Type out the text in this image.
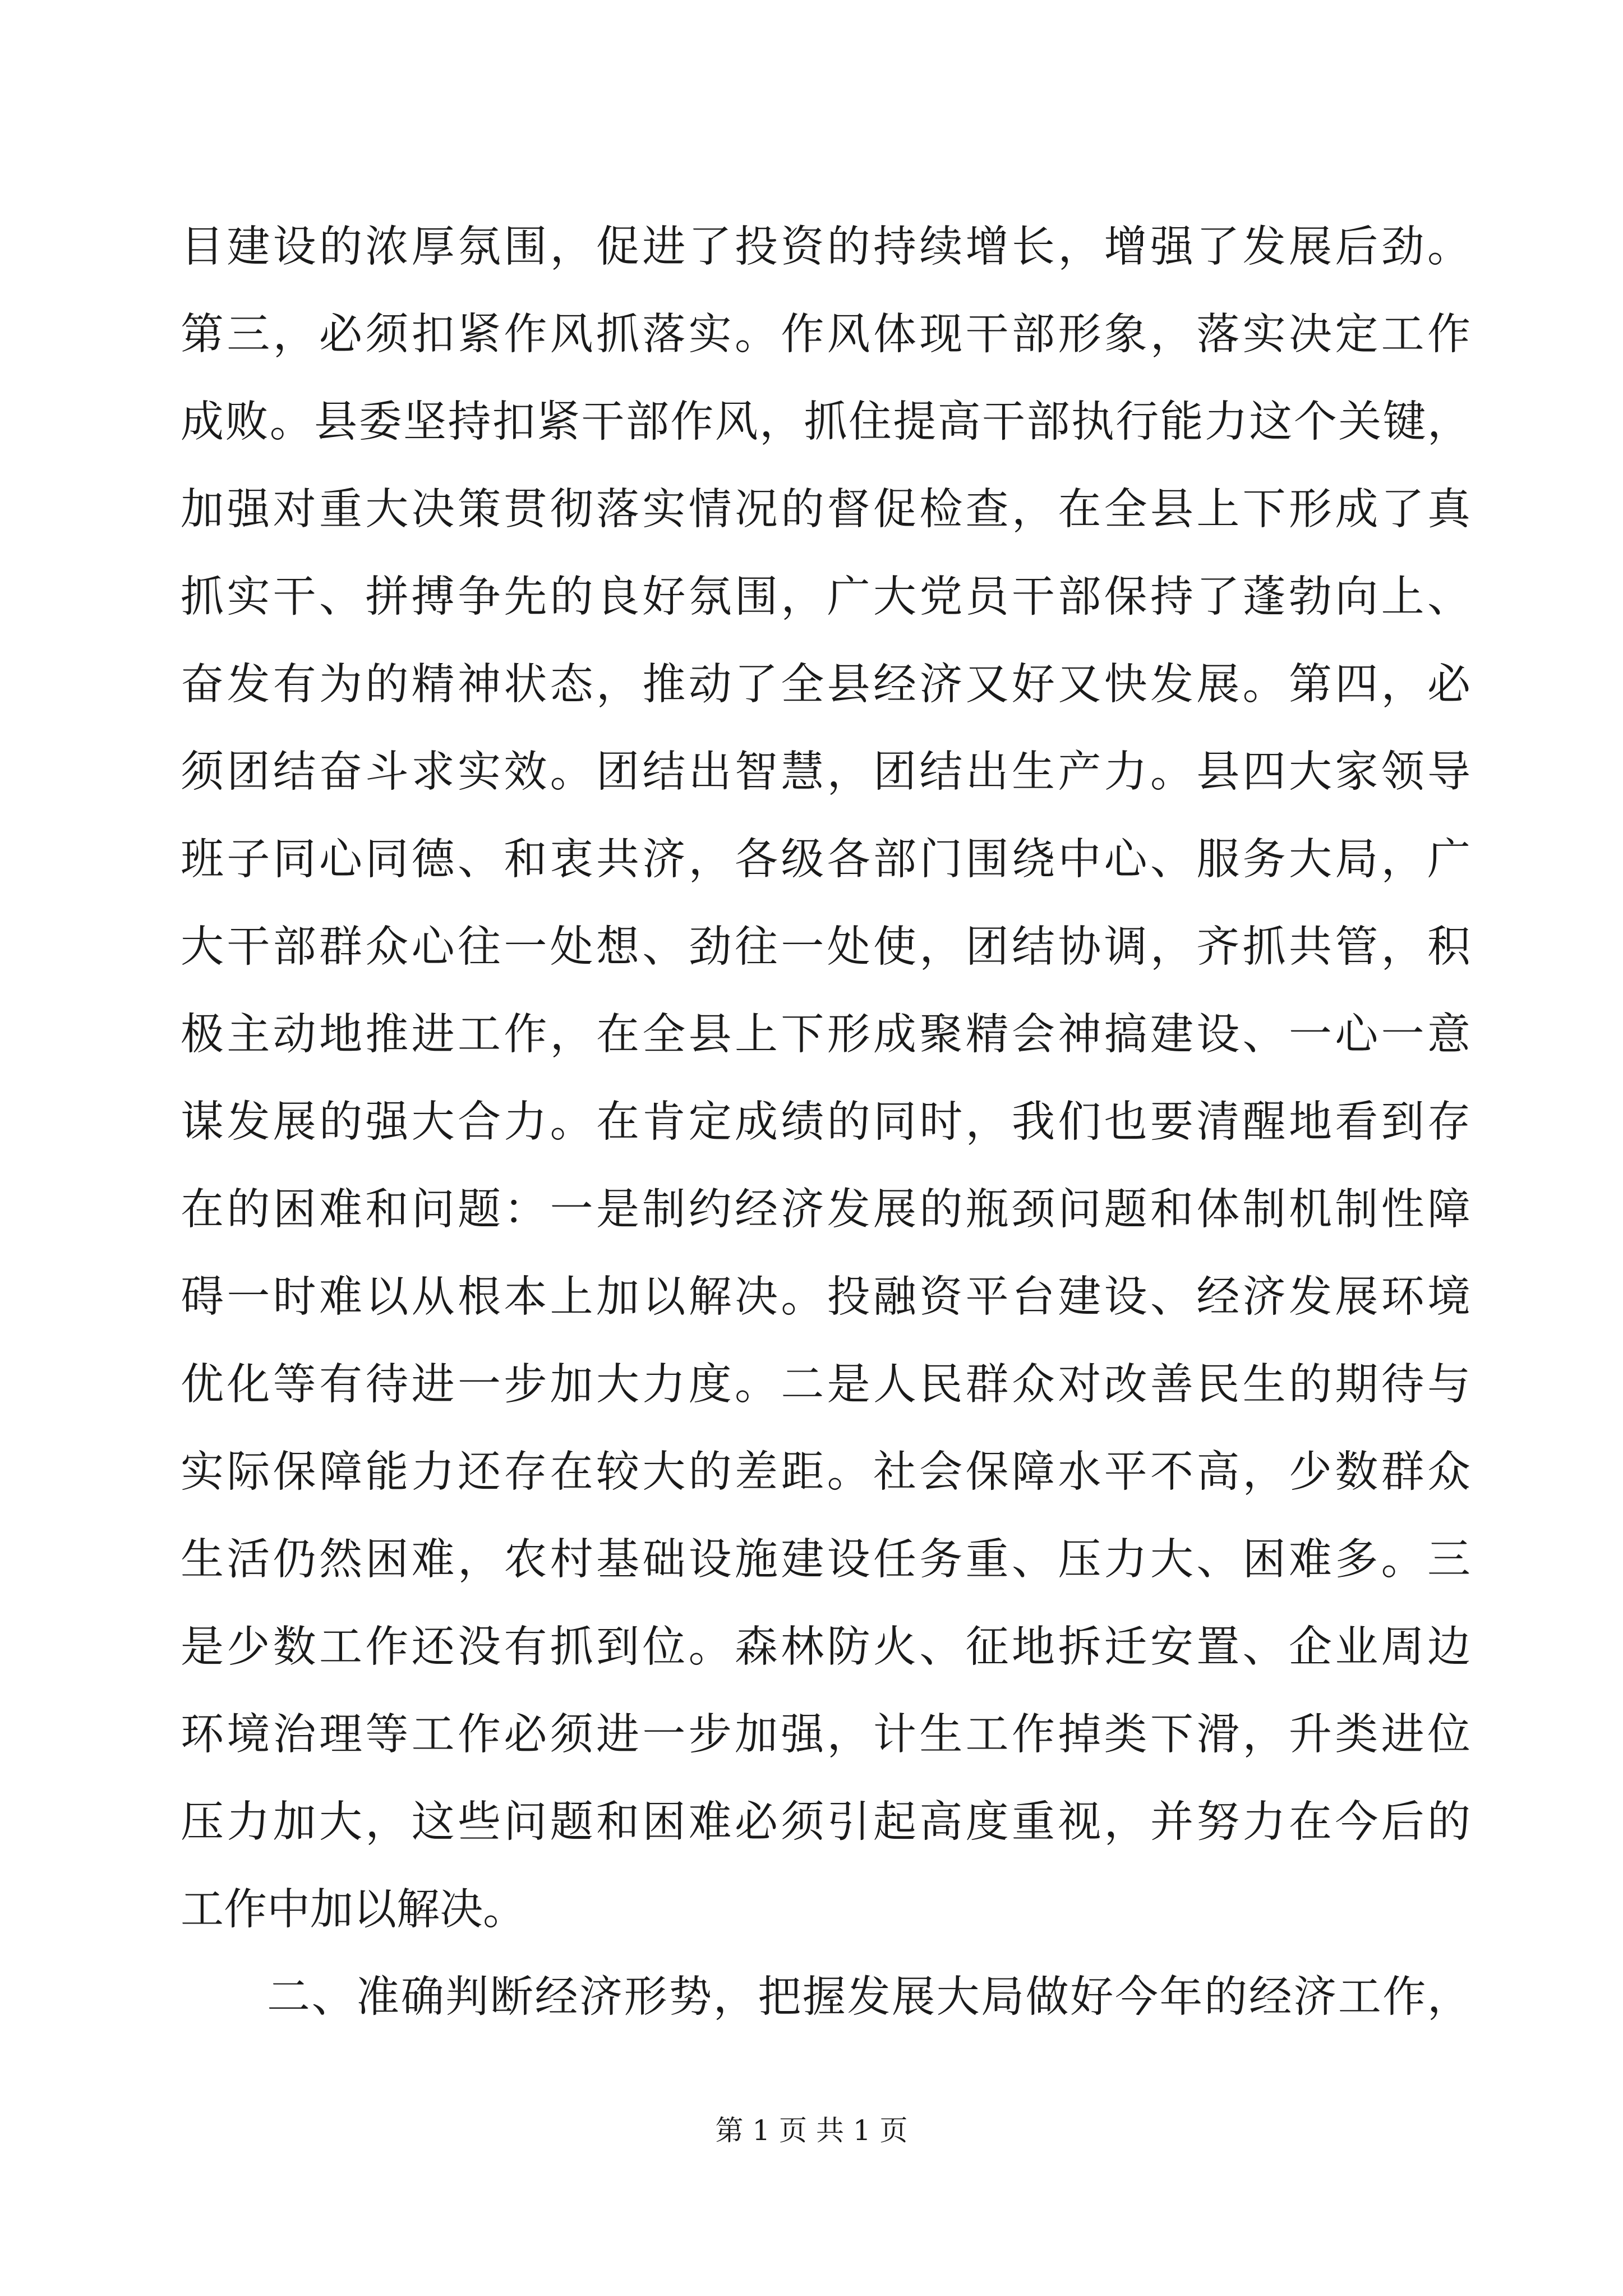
目建设的浓厚氛围，促进了投资的持续增长，增强了发展后劲。
第三，必须扣紧作风抓落实。作风体现干部形象，落实决定工作
成败。县委坚持扣紧干部作风，抓住提高干部执行能力这个关键，
加强对重大决策贯彻落实情况的督促检查，在全县上下形成了真
抓实干、拼搏争先的良好氛围，广大党员干部保持了蓬勃向上、
奋发有为的精神状态，推动了全县经济又好又快发展。第四，必
须团结奋斗求实效。团结出智慧，团结出生产力。县四大家领导
班子同心同德、和衷共济，各级各部门围绕中心、服务大局，广
大干部群众心往一处想、劲往一处使，团结协调，齐抓共管，积
极主动地推进工作，在全县上下形成聚精会神搞建设、一心一意
谋发展的强大合力。在肯定成绩的同时，我们也要清醒地看到存
在的困难和问题：一是制约经济发展的瓶颈问题和体制机制性障
碍一时难以从根本上加以解决。投融资平台建设、经济发展环境
优化等有待进一步加大力度。二是人民群众对改善民生的期待与
实际保障能力还存在较大的差距。社会保障水平不高，少数群众
生活仍然困难，农村基础设施建设任务重、压力大、困难多。三
是少数工作还没有抓到位。森林防火、征地拆迁安置、企业周边
环境治理等工作必须进一步加强，计生工作掉类下滑，升类进位
压力加大，这些问题和困难必须引起高度重视，并努力在今后的
工作中加以解决。
二、准确判断经济形势，把握发展大局做好今年的经济工作，
第 1 页 共 1 页
